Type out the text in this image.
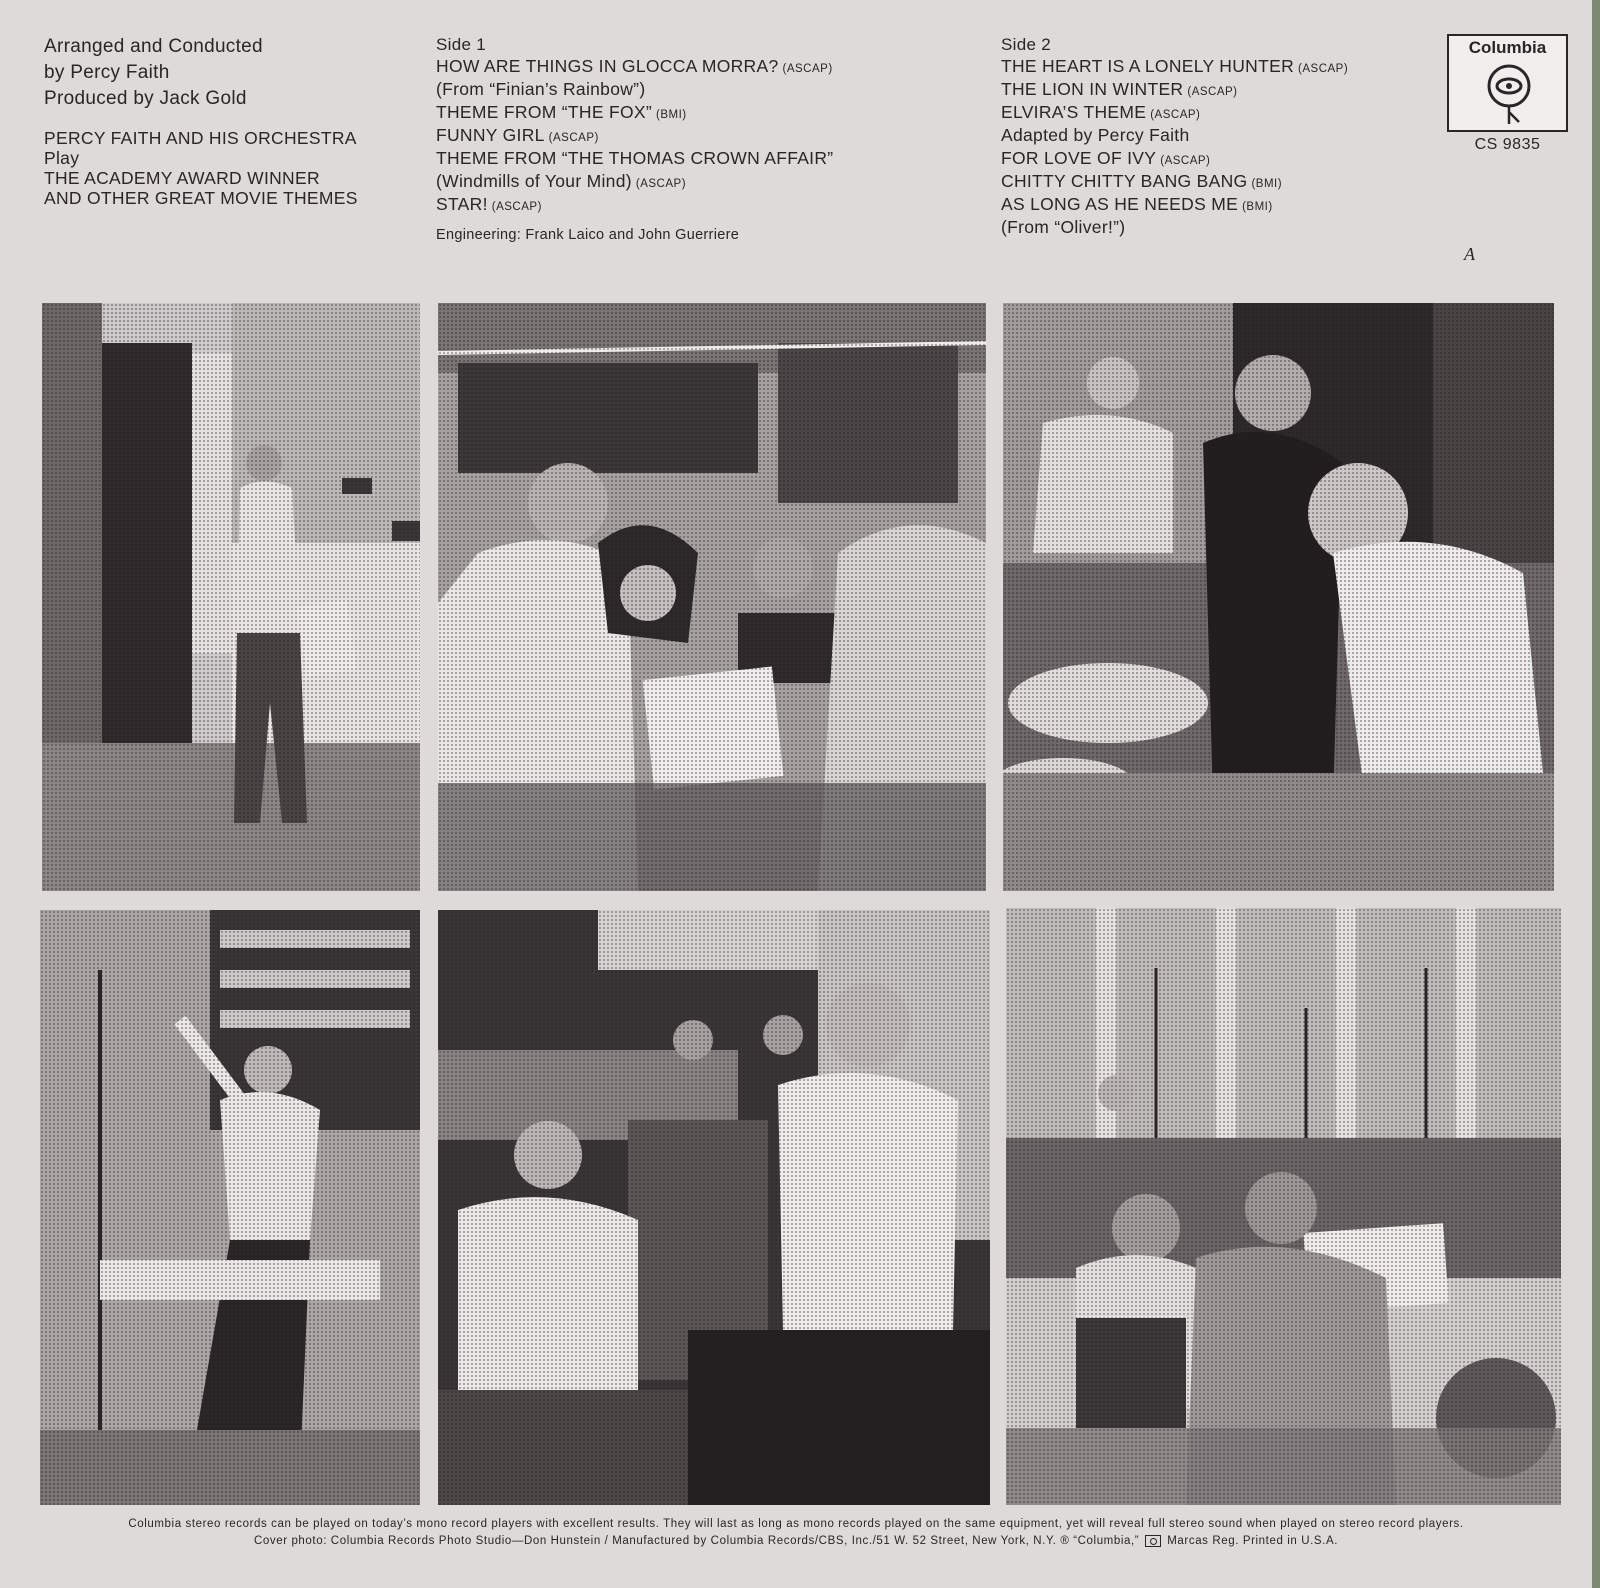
Arranged and Conducted
by Percy Faith
Produced by Jack Gold
PERCY FAITH AND HIS ORCHESTRA
Play
THE ACADEMY AWARD WINNER
AND OTHER GREAT MOVIE THEMES
Side 1
HOW ARE THINGS IN GLOCCA MORRA? (ASCAP)
(From “Finian’s Rainbow”)
THEME FROM “THE FOX” (BMI)
FUNNY GIRL (ASCAP)
THEME FROM “THE THOMAS CROWN AFFAIR”
(Windmills of Your Mind) (ASCAP)
STAR! (ASCAP)
Engineering: Frank Laico and John Guerriere
Side 2
THE HEART IS A LONELY HUNTER (ASCAP)
THE LION IN WINTER (ASCAP)
ELVIRA’S THEME (ASCAP)
Adapted by Percy Faith
FOR LOVE OF IVY (ASCAP)
CHITTY CHITTY BANG BANG (BMI)
AS LONG AS HE NEEDS ME (BMI)
(From “Oliver!”)
Columbia
CS 9835
A
Columbia stereo records can be played on today’s mono record players with excellent results. They will last as long as mono records played on the same equipment, yet will reveal full stereo sound when played on stereo record players.
Cover photo: Columbia Records Photo Studio—Don Hunstein / Manufactured by Columbia Records/CBS, Inc./51 W. 52 Street, New York, N.Y. ® “Columbia,” Marcas Reg. Printed in U.S.A.
